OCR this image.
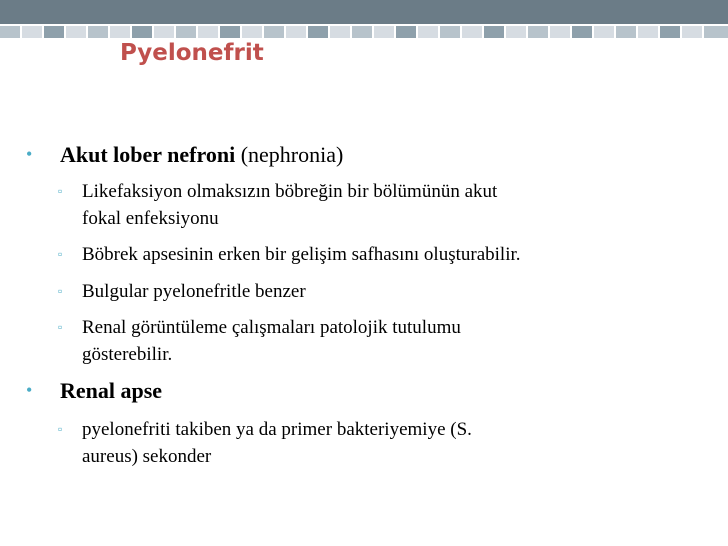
Pyelonefrit
• Akut lober nefroni (nephronia)
▫ Likefaksiyon olmaksızın böbreğin bir bölümünün akut
fokal enfeksiyonu
▫ Böbrek apsesinin erken bir gelişim safhasını oluşturabilir.
▫ Bulgular pyelonefritle benzer
▫ Renal görüntüleme çalışmaları patolojik tutulumu
gösterebilir.
• Renal apse
▫ pyelonefriti takiben ya da primer bakteriyemiye (S.
aureus) sekonder
